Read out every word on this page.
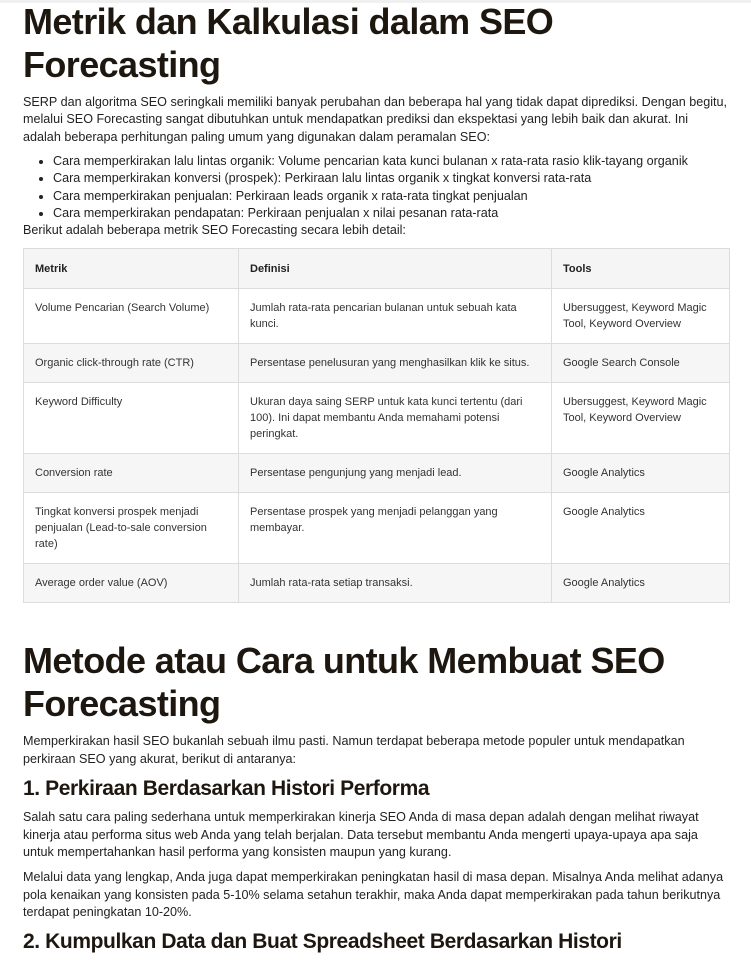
Metrik dan Kalkulasi dalam SEO Forecasting

SERP dan algoritma SEO seringkali memiliki banyak perubahan dan beberapa hal yang tidak dapat diprediksi. Dengan begitu, melalui SEO Forecasting sangat dibutuhkan untuk mendapatkan prediksi dan ekspektasi yang lebih baik dan akurat. Ini adalah beberapa perhitungan paling umum yang digunakan dalam peramalan SEO:

• Cara memperkirakan lalu lintas organik: Volume pencarian kata kunci bulanan x rata-rata rasio klik-tayang organik
• Cara memperkirakan konversi (prospek): Perkiraan lalu lintas organik x tingkat konversi rata-rata
• Cara memperkirakan penjualan: Perkiraan leads organik x rata-rata tingkat penjualan
• Cara memperkirakan pendapatan: Perkiraan penjualan x nilai pesanan rata-rata

Berikut adalah beberapa metrik SEO Forecasting secara lebih detail:

Metrik	Definisi	Tools
Volume Pencarian (Search Volume)	Jumlah rata-rata pencarian bulanan untuk sebuah kata kunci.	Ubersuggest, Keyword Magic Tool, Keyword Overview
Organic click-through rate (CTR)	Persentase penelusuran yang menghasilkan klik ke situs.	Google Search Console
Keyword Difficulty	Ukuran daya saing SERP untuk kata kunci tertentu (dari 100). Ini dapat membantu Anda memahami potensi peringkat.	Ubersuggest, Keyword Magic Tool, Keyword Overview
Conversion rate	Persentase pengunjung yang menjadi lead.	Google Analytics
Tingkat konversi prospek menjadi penjualan (Lead-to-sale conversion rate)	Persentase prospek yang menjadi pelanggan yang membayar.	Google Analytics
Average order value (AOV)	Jumlah rata-rata setiap transaksi.	Google Analytics
Metode atau Cara untuk Membuat SEO Forecasting

Memperkirakan hasil SEO bukanlah sebuah ilmu pasti. Namun terdapat beberapa metode populer untuk mendapatkan perkiraan SEO yang akurat, berikut di antaranya:

1. Perkiraan Berdasarkan Histori Performa

Salah satu cara paling sederhana untuk memperkirakan kinerja SEO Anda di masa depan adalah dengan melihat riwayat kinerja atau performa situs web Anda yang telah berjalan. Data tersebut membantu Anda mengerti upaya-upaya apa saja untuk mempertahankan hasil performa yang konsisten maupun yang kurang.

Melalui data yang lengkap, Anda juga dapat memperkirakan peningkatan hasil di masa depan. Misalnya Anda melihat adanya pola kenaikan yang konsisten pada 5-10% selama setahun terakhir, maka Anda dapat memperkirakan pada tahun berikutnya terdapat peningkatan 10-20%.

2. Kumpulkan Data dan Buat Spreadsheet Berdasarkan Histori
